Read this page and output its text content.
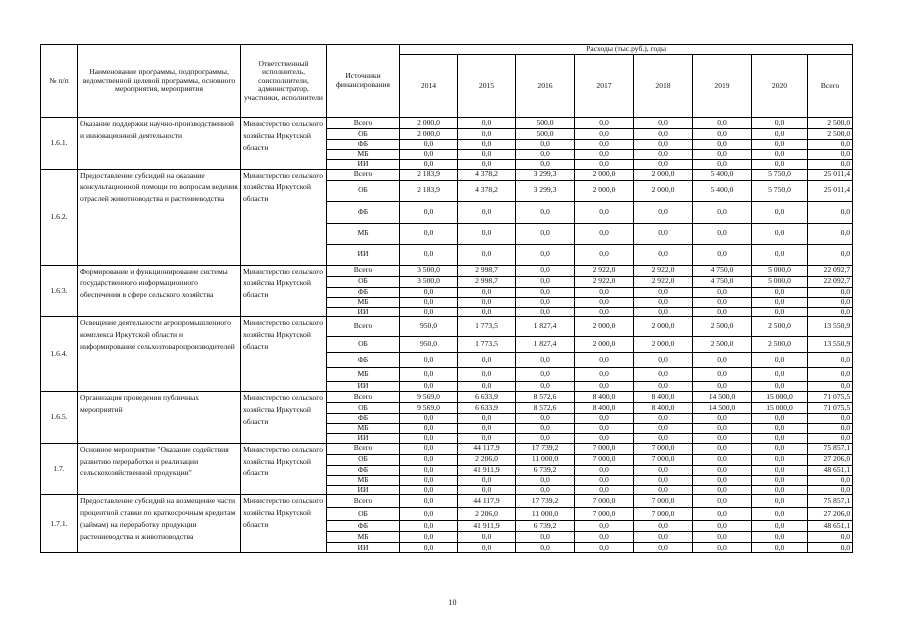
№ п/п	Наименование программы, подпрограммы, ведомственной целевой программы, основного мероприятия, мероприятия	Ответственный исполнитель, соисполнители, администратор, участники, исполнители	Источники финансирования	Расходы (тыс.руб.), годы							
				2014	2015	2016	2017	2018	2019	2020	Всего
1.6.1.	Оказание поддержки научно-производственной и инновационной деятельности	Министерство сельского хозяйства Иркутской области	Всего	2 000,0	0,0	500,0	0,0	0,0	0,0	0,0	2 500,0
			ОБ	2 000,0	0,0	500,0	0,0	0,0	0,0	0,0	2 500,0
			ФБ	0,0	0,0	0,0	0,0	0,0	0,0	0,0	0,0
			МБ	0,0	0,0	0,0	0,0	0,0	0,0	0,0	0,0
			ИИ	0,0	0,0	0,0	0,0	0,0	0,0	0,0	0,0
1.6.2.	Предоставление субсидий на оказание консультационной помощи по вопросам ведения отраслей животноводства и растениеводства	Министерство сельского хозяйства Иркутской области	Всего	2 183,9	4 378,2	3 299,3	2 000,0	2 000,0	5 400,0	5 750,0	25 011,4
			ОБ	2 183,9	4 378,2	3 299,3	2 000,0	2 000,0	5 400,0	5 750,0	25 011,4
			ФБ	0,0	0,0	0,0	0,0	0,0	0,0	0,0	0,0
			МБ	0,0	0,0	0,0	0,0	0,0	0,0	0,0	0,0
			ИИ	0,0	0,0	0,0	0,0	0,0	0,0	0,0	0,0
1.6.3.	Формирование и функционирование системы государственного информационного обеспечения в сфере сельского хозяйства	Министерство сельского хозяйства Иркутской области	Всего	3 500,0	2 998,7	0,0	2 922,0	2 922,0	4 750,0	5 000,0	22 092,7
			ОБ	3 500,0	2 998,7	0,0	2 922,0	2 922,0	4 750,0	5 000,0	22 092,7
			ФБ	0,0	0,0	0,0	0,0	0,0	0,0	0,0	0,0
			МБ	0,0	0,0	0,0	0,0	0,0	0,0	0,0	0,0
			ИИ	0,0	0,0	0,0	0,0	0,0	0,0	0,0	0,0
1.6.4.	Освещение деятельности агропромышленного комплекса Иркутской области и информирование сельхозтоваропроизводителей	Министерство сельского хозяйства Иркутской области	Всего	950,0	1 773,5	1 827,4	2 000,0	2 000,0	2 500,0	2 500,0	13 550,9
			ОБ	950,0	1 773,5	1 827,4	2 000,0	2 000,0	2 500,0	2 500,0	13 550,9
			ФБ	0,0	0,0	0,0	0,0	0,0	0,0	0,0	0,0
			МБ	0,0	0,0	0,0	0,0	0,0	0,0	0,0	0,0
			ИИ	0,0	0,0	0,0	0,0	0,0	0,0	0,0	0,0
1.6.5.	Организация проведения публичных мероприятий	Министерство сельского хозяйства Иркутской области	Всего	9 569,0	6 633,9	8 572,6	8 400,0	8 400,0	14 500,0	15 000,0	71 075,5
			ОБ	9 569,0	6 633,9	8 572,6	8 400,0	8 400,0	14 500,0	15 000,0	71 075,5
			ФБ	0,0	0,0	0,0	0,0	0,0	0,0	0,0	0,0
			МБ	0,0	0,0	0,0	0,0	0,0	0,0	0,0	0,0
			ИИ	0,0	0,0	0,0	0,0	0,0	0,0	0,0	0,0
1.7.	Основное мероприятие "Оказание содействия развитию переработки и реализации сельскохозяйственной продукции"	Министерство сельского хозяйства Иркутской области	Всего	0,0	44 117,9	17 739,2	7 000,0	7 000,0	0,0	0,0	75 857,1
			ОБ	0,0	2 206,0	11 000,0	7 000,0	7 000,0	0,0	0,0	27 206,0
			ФБ	0,0	41 911,9	6 739,2	0,0	0,0	0,0	0,0	48 651,1
			МБ	0,0	0,0	0,0	0,0	0,0	0,0	0,0	0,0
			ИИ	0,0	0,0	0,0	0,0	0,0	0,0	0,0	0,0
1.7.1.	Предоставление субсидий на возмещение части процентной ставки по краткосрочным кредитам (займам) на переработку продукции растениеводства и животноводства	Министерство сельского хозяйства Иркутской области	Всего	0,0	44 117,9	17 739,2	7 000,0	7 000,0	0,0	0,0	75 857,1
			ОБ	0,0	2 206,0	11 000,0	7 000,0	7 000,0	0,0	0,0	27 206,0
			ФБ	0,0	41 911,9	6 739,2	0,0	0,0	0,0	0,0	48 651,1
			МБ	0,0	0,0	0,0	0,0	0,0	0,0	0,0	0,0
			ИИ	0,0	0,0	0,0	0,0	0,0	0,0	0,0	0,0
10
